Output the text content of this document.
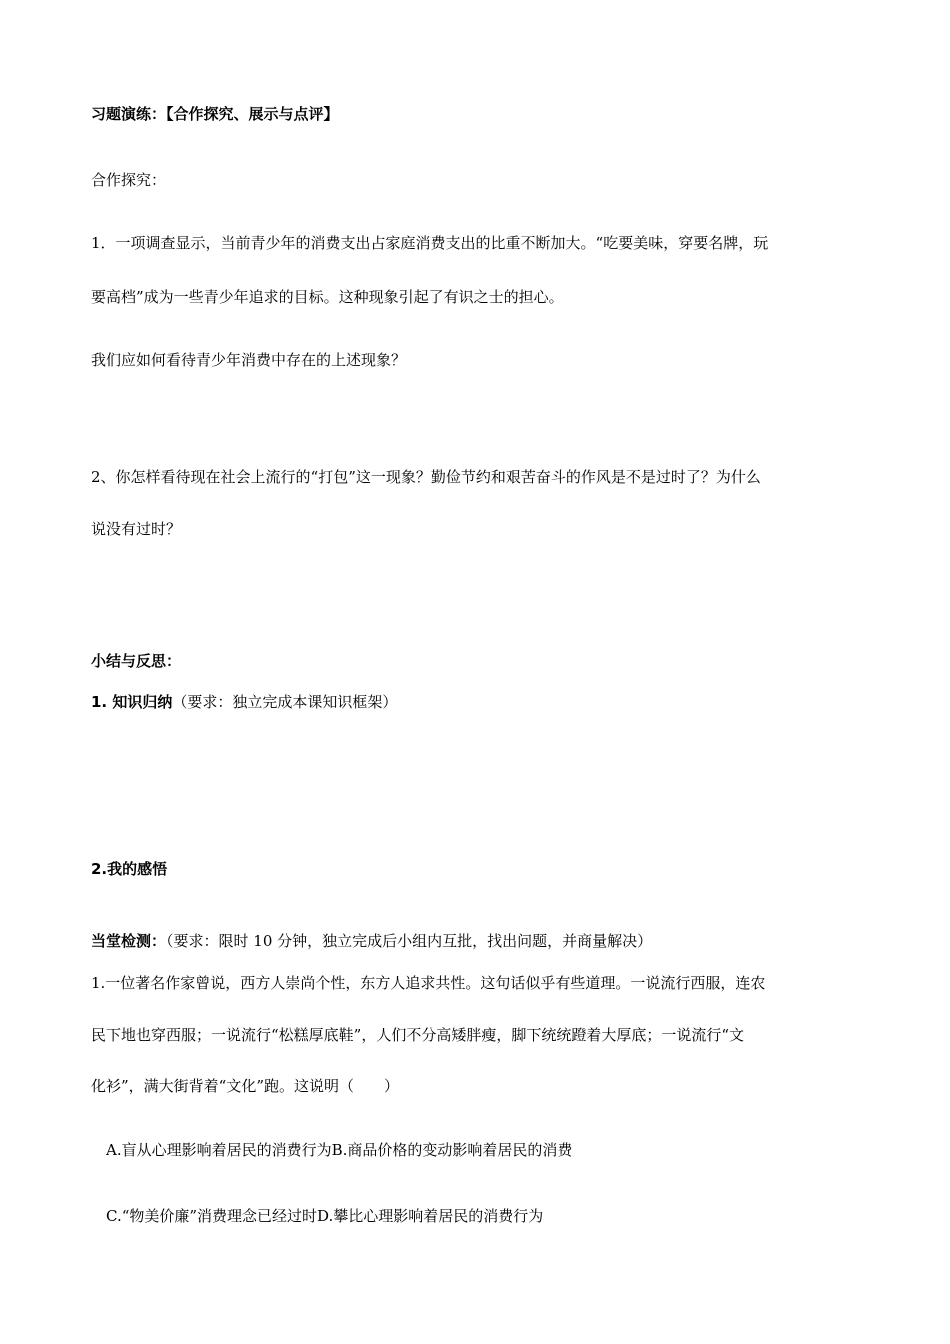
习题演练：【合作探究、展示与点评】
合作探究：
1．一项调查显示，当前青少年的消费支出占家庭消费支出的比重不断加大。“吃要美味，穿要名牌，玩
要高档”成为一些青少年追求的目标。这种现象引起了有识之士的担心。
我们应如何看待青少年消费中存在的上述现象？
2、你怎样看待现在社会上流行的“打包”这一现象？勤俭节约和艰苦奋斗的作风是不是过时了？为什么
说没有过时？
小结与反思：
1. 知识归纳（要求：独立完成本课知识框架）
2.我的感悟
当堂检测：（要求：限时 10 分钟，独立完成后小组内互批，找出问题，并商量解决）
1.一位著名作家曾说，西方人崇尚个性，东方人追求共性。这句话似乎有些道理。一说流行西服，连农
民下地也穿西服；一说流行“松糕厚底鞋”，人们不分高矮胖瘦，脚下统统蹬着大厚底；一说流行“文
化衫”，满大街背着“文化”跑。这说明（　　）
A.盲从心理影响着居民的消费行为B.商品价格的变动影响着居民的消费
C.“物美价廉”消费理念已经过时D.攀比心理影响着居民的消费行为
